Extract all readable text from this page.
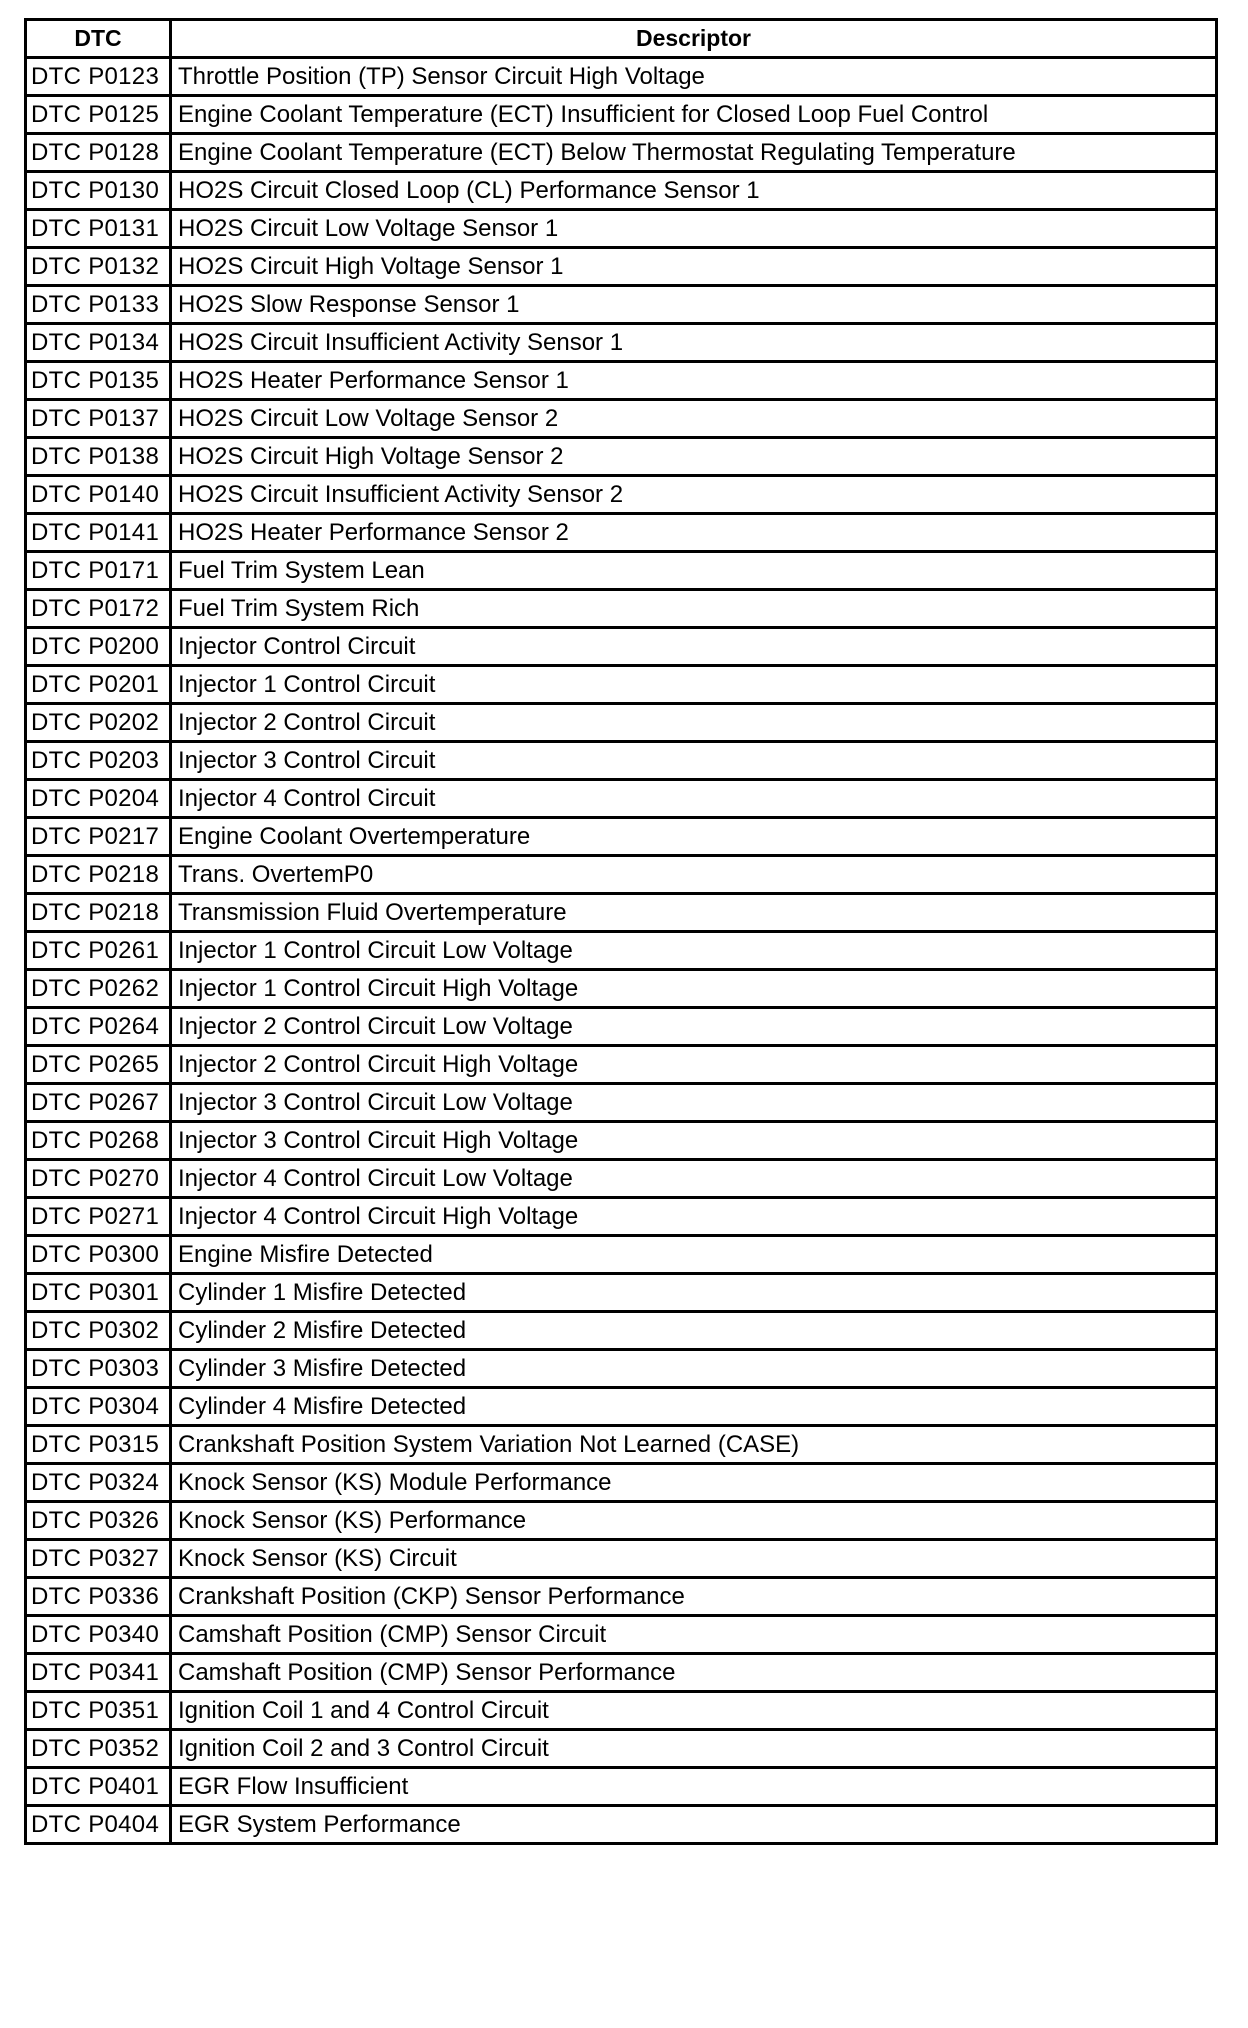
DTC	Descriptor
DTC P0123	Throttle Position (TP) Sensor Circuit High Voltage
DTC P0125	Engine Coolant Temperature (ECT) Insufficient for Closed Loop Fuel Control
DTC P0128	Engine Coolant Temperature (ECT) Below Thermostat Regulating Temperature
DTC P0130	HO2S Circuit Closed Loop (CL) Performance Sensor 1
DTC P0131	HO2S Circuit Low Voltage Sensor 1
DTC P0132	HO2S Circuit High Voltage Sensor 1
DTC P0133	HO2S Slow Response Sensor 1
DTC P0134	HO2S Circuit Insufficient Activity Sensor 1
DTC P0135	HO2S Heater Performance Sensor 1
DTC P0137	HO2S Circuit Low Voltage Sensor 2
DTC P0138	HO2S Circuit High Voltage Sensor 2
DTC P0140	HO2S Circuit Insufficient Activity Sensor 2
DTC P0141	HO2S Heater Performance Sensor 2
DTC P0171	Fuel Trim System Lean
DTC P0172	Fuel Trim System Rich
DTC P0200	Injector Control Circuit
DTC P0201	Injector 1 Control Circuit
DTC P0202	Injector 2 Control Circuit
DTC P0203	Injector 3 Control Circuit
DTC P0204	Injector 4 Control Circuit
DTC P0217	Engine Coolant Overtemperature
DTC P0218	Trans. OvertemP0
DTC P0218	Transmission Fluid Overtemperature
DTC P0261	Injector 1 Control Circuit Low Voltage
DTC P0262	Injector 1 Control Circuit High Voltage
DTC P0264	Injector 2 Control Circuit Low Voltage
DTC P0265	Injector 2 Control Circuit High Voltage
DTC P0267	Injector 3 Control Circuit Low Voltage
DTC P0268	Injector 3 Control Circuit High Voltage
DTC P0270	Injector 4 Control Circuit Low Voltage
DTC P0271	Injector 4 Control Circuit High Voltage
DTC P0300	Engine Misfire Detected
DTC P0301	Cylinder 1 Misfire Detected
DTC P0302	Cylinder 2 Misfire Detected
DTC P0303	Cylinder 3 Misfire Detected
DTC P0304	Cylinder 4 Misfire Detected
DTC P0315	Crankshaft Position System Variation Not Learned (CASE)
DTC P0324	Knock Sensor (KS) Module Performance
DTC P0326	Knock Sensor (KS) Performance
DTC P0327	Knock Sensor (KS) Circuit
DTC P0336	Crankshaft Position (CKP) Sensor Performance
DTC P0340	Camshaft Position (CMP) Sensor Circuit
DTC P0341	Camshaft Position (CMP) Sensor Performance
DTC P0351	Ignition Coil 1 and 4 Control Circuit
DTC P0352	Ignition Coil 2 and 3 Control Circuit
DTC P0401	EGR Flow Insufficient
DTC P0404	EGR System Performance
